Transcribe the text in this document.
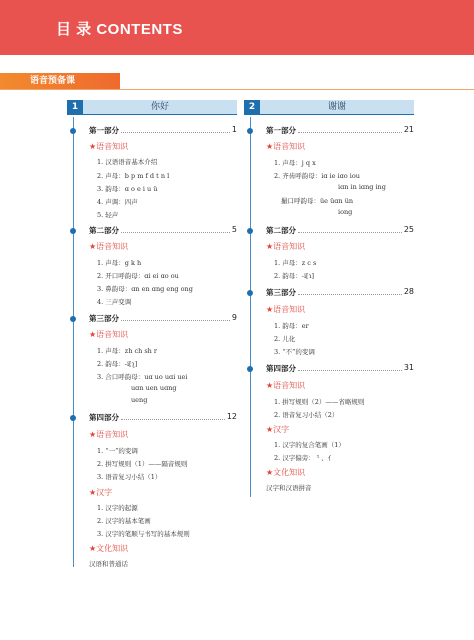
目 录 CONTENTS
语音预备课
1	你好
第一部分	1
★语音知识
1. 汉语语音基本介绍
2. 声母：b p m f d t n l
3. 韵母：ɑ o e i u ü
4. 声调：四声
5. 轻声
第二部分	5
★语音知识
1. 声母：g k h
2. 开口呼韵母：ɑi ei ɑo ou
3. 鼻韵母：ɑn en ɑng eng ong
4. 三声变调
第三部分	9
★语音知识
1. 声母：zh ch sh r
2. 韵母：-i[ʅ]
3. 合口呼韵母：uɑ uo uɑi uei
uɑn uen uɑng
ueng
第四部分	12
★语音知识
1. “一”的变调
2. 拼写规则（1）——隔音规则
3. 语音复习小结（1）
★汉字
1. 汉字的起源
2. 汉字的基本笔画
3. 汉字的笔顺与书写的基本规则
★文化知识
汉语和普通话
2	谢谢
第一部分	21
★语音知识
1. 声母：j q x
2. 齐齿呼韵母：iɑ ie iɑo iou
iɑn in iɑng ing
撮口呼韵母：üe üɑn ün
iong
第二部分	25
★语音知识
1. 声母：z c s
2. 韵母：-i[ɿ]
第三部分	28
★语音知识
1. 韵母：er
2. 儿化
3. “不”的变调
第四部分	31
★语音知识
1. 拼写规则（2）——省略规则
2. 语音复习小结（2）
★汉字
1. 汉字的复合笔画（1）
2. 汉字偏旁：⺀、⺅
★文化知识
汉字和汉语拼音
